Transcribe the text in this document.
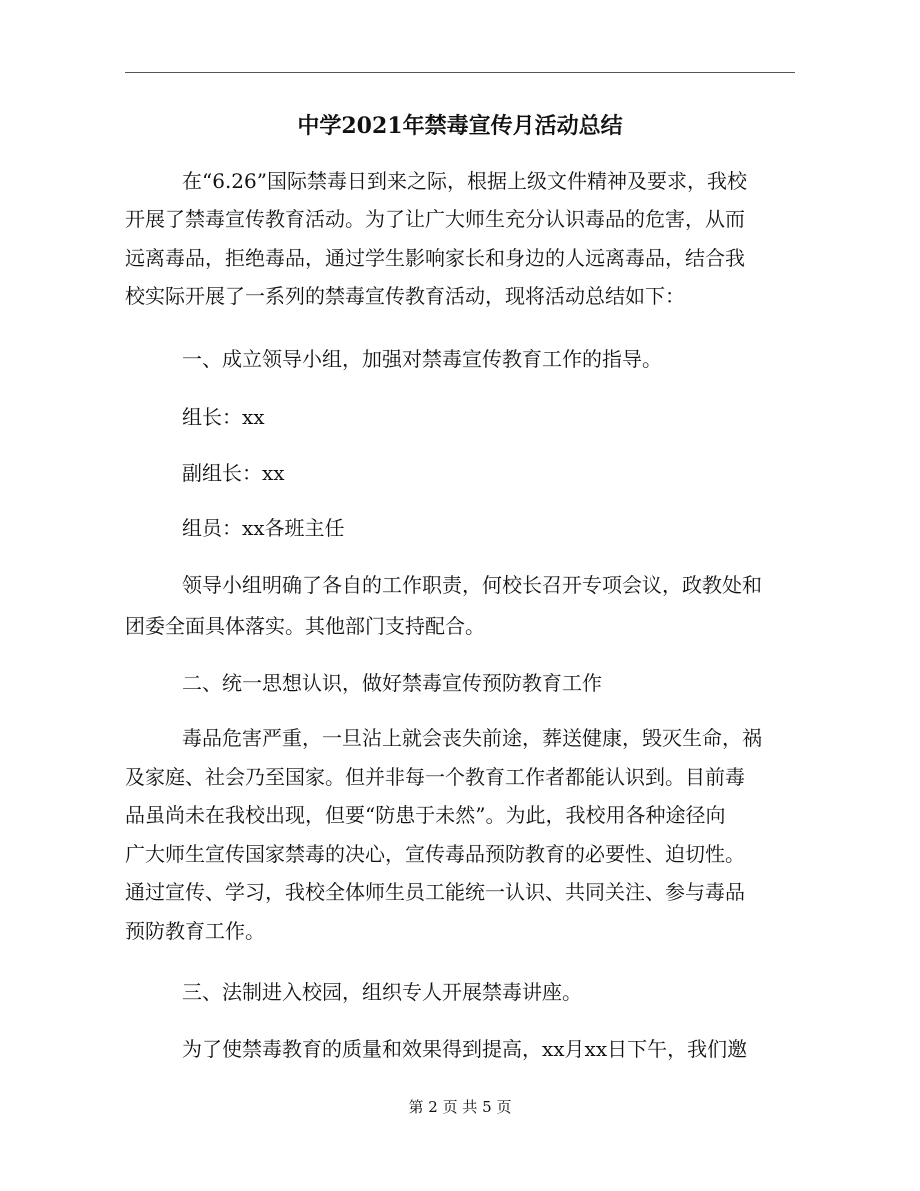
中学2021年禁毒宣传月活动总结
在“6.26”国际禁毒日到来之际，根据上级文件精神及要求，我校
开展了禁毒宣传教育活动。为了让广大师生充分认识毒品的危害，从而
远离毒品，拒绝毒品，通过学生影响家长和身边的人远离毒品，结合我
校实际开展了一系列的禁毒宣传教育活动，现将活动总结如下：
一、成立领导小组，加强对禁毒宣传教育工作的指导。
组长：xx
副组长：xx
组员：xx各班主任
领导小组明确了各自的工作职责，何校长召开专项会议，政教处和
团委全面具体落实。其他部门支持配合。
二、统一思想认识，做好禁毒宣传预防教育工作
毒品危害严重，一旦沾上就会丧失前途，葬送健康，毁灭生命，祸
及家庭、社会乃至国家。但并非每一个教育工作者都能认识到。目前毒
品虽尚未在我校出现，但要“防患于未然”。为此，我校用各种途径向
广大师生宣传国家禁毒的决心，宣传毒品预防教育的必要性、迫切性。
通过宣传、学习，我校全体师生员工能统一认识、共同关注、参与毒品
预防教育工作。
三、法制进入校园，组织专人开展禁毒讲座。
为了使禁毒教育的质量和效果得到提高，xx月xx日下午，我们邀
第 2 页 共 5 页
